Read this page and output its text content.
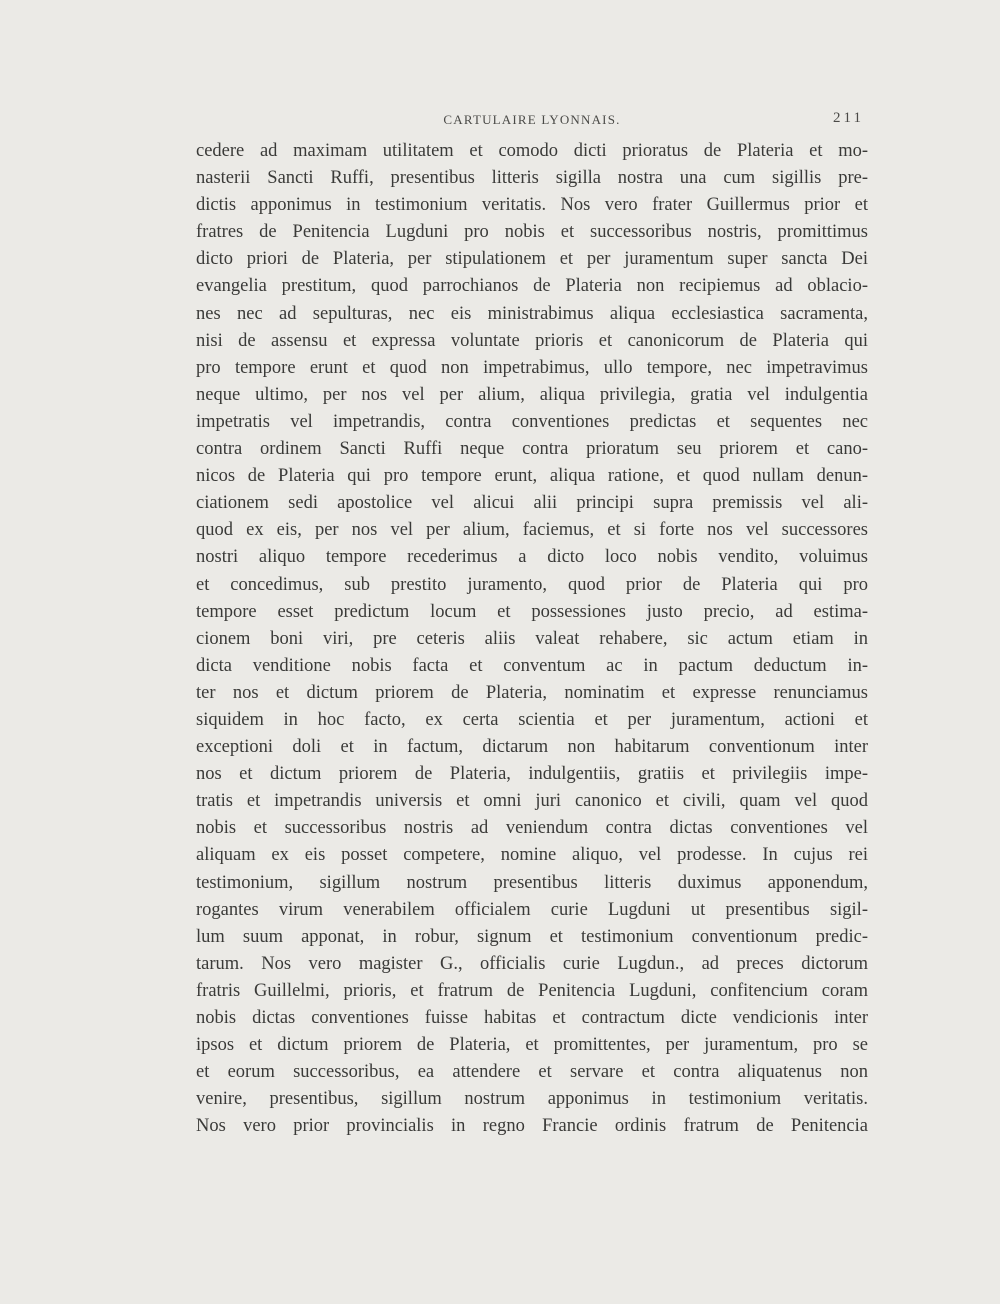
CARTULAIRE LYONNAIS.	211
cedere ad maximam utilitatem et comodo dicti prioratus de Plateria et mo-
nasterii Sancti Ruffi, presentibus litteris sigilla nostra una cum sigillis pre-
dictis apponimus in testimonium veritatis. Nos vero frater Guillermus prior et
fratres de Penitencia Lugduni pro nobis et successoribus nostris, promittimus
dicto priori de Plateria, per stipulationem et per juramentum super sancta Dei
evangelia prestitum, quod parrochianos de Plateria non recipiemus ad oblacio-
nes nec ad sepulturas, nec eis ministrabimus aliqua ecclesiastica sacramenta,
nisi de assensu et expressa voluntate prioris et canonicorum de Plateria qui
pro tempore erunt et quod non impetrabimus, ullo tempore, nec impetravimus
neque ultimo, per nos vel per alium, aliqua privilegia, gratia vel indulgentia
impetratis vel impetrandis, contra conventiones predictas et sequentes nec
contra ordinem Sancti Ruffi neque contra prioratum seu priorem et cano-
nicos de Plateria qui pro tempore erunt, aliqua ratione, et quod nullam denun-
ciationem sedi apostolice vel alicui alii principi supra premissis vel ali-
quod ex eis, per nos vel per alium, faciemus, et si forte nos vel successores
nostri aliquo tempore recederimus a dicto loco nobis vendito, voluimus
et concedimus, sub prestito juramento, quod prior de Plateria qui pro
tempore esset predictum locum et possessiones justo precio, ad estima-
cionem boni viri, pre ceteris aliis valeat rehabere, sic actum etiam in
dicta venditione nobis facta et conventum ac in pactum deductum in-
ter nos et dictum priorem de Plateria, nominatim et expresse renunciamus
siquidem in hoc facto, ex certa scientia et per juramentum, actioni et
exceptioni doli et in factum, dictarum non habitarum conventionum inter
nos et dictum priorem de Plateria, indulgentiis, gratiis et privilegiis impe-
tratis et impetrandis universis et omni juri canonico et civili, quam vel quod
nobis et successoribus nostris ad veniendum contra dictas conventiones vel
aliquam ex eis posset competere, nomine aliquo, vel prodesse. In cujus rei
testimonium, sigillum nostrum presentibus litteris duximus apponendum,
rogantes virum venerabilem officialem curie Lugduni ut presentibus sigil-
lum suum apponat, in robur, signum et testimonium conventionum predic-
tarum. Nos vero magister G., officialis curie Lugdun., ad preces dictorum
fratris Guillelmi, prioris, et fratrum de Penitencia Lugduni, confitencium coram
nobis dictas conventiones fuisse habitas et contractum dicte vendicionis inter
ipsos et dictum priorem de Plateria, et promittentes, per juramentum, pro se
et eorum successoribus, ea attendere et servare et contra aliquatenus non
venire, presentibus, sigillum nostrum apponimus in testimonium veritatis.
Nos vero prior provincialis in regno Francie ordinis fratrum de Penitencia
